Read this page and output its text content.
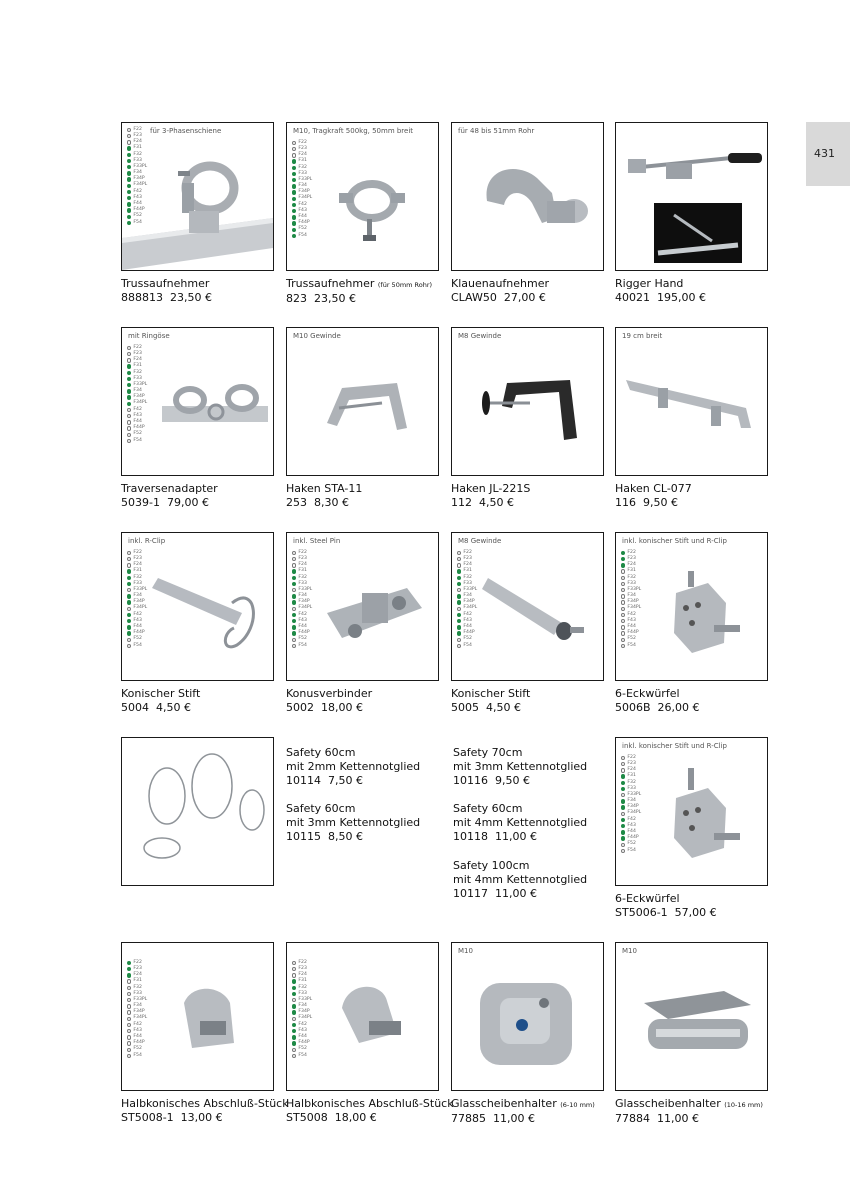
431
für 3-Phasenschiene
F22
F23
F24
F31
F32
F33
F33PL
F34
F34P
F34PL
F42
F43
F44
F44P
F52
F54
Trussaufnehmer
888813 23,50 €
M10, Tragkraft 500kg, 50mm breit
F22
F23
F24
F31
F32
F33
F33PL
F34
F34P
F34PL
F42
F43
F44
F44P
F52
F54
Trussaufnehmer (für 50mm Rohr)
823 23,50 €
für 48 bis 51mm Rohr
Klauenaufnehmer
CLAW50 27,00 €
Rigger Hand
40021 195,00 €
mit Ringöse
F22
F23
F24
F31
F32
F33
F33PL
F34
F34P
F34PL
F42
F43
F44
F44P
F52
F54
Traversenadapter
5039-1 79,00 €
M10 Gewinde
Haken STA-11
253 8,30 €
M8 Gewinde
Haken JL-221S
112 4,50 €
19 cm breit
Haken CL-077
116 9,50 €
inkl. R-Clip
F22
F23
F24
F31
F32
F33
F33PL
F34
F34P
F34PL
F42
F43
F44
F44P
F52
F54
Konischer Stift
5004 4,50 €
inkl. Steel Pin
F22
F23
F24
F31
F32
F33
F33PL
F34
F34P
F34PL
F42
F43
F44
F44P
F52
F54
Konusverbinder
5002 18,00 €
M8 Gewinde
F22
F23
F24
F31
F32
F33
F33PL
F34
F34P
F34PL
F42
F43
F44
F44P
F52
F54
Konischer Stift
5005 4,50 €
inkl. konischer Stift und R-Clip
F22
F23
F24
F31
F32
F33
F33PL
F34
F34P
F34PL
F42
F43
F44
F44P
F52
F54
6-Eckwürfel
5006B 26,00 €
Safety 60cm
mit 2mm Kettennotglied
10114 7,50 €
Safety 60cm
mit 3mm Kettennotglied
10115 8,50 €
Safety 70cm
mit 3mm Kettennotglied
10116 9,50 €
Safety 60cm
mit 4mm Kettennotglied
10118 11,00 €
Safety 100cm
mit 4mm Kettennotglied
10117 11,00 €
inkl. konischer Stift und R-Clip
F22
F23
F24
F31
F32
F33
F33PL
F34
F34P
F34PL
F42
F43
F44
F44P
F52
F54
6-Eckwürfel
ST5006-1 57,00 €
F22
F23
F24
F31
F32
F33
F33PL
F34
F34P
F34PL
F42
F43
F44
F44P
F52
F54
Halbkonisches Abschluß-Stück
ST5008-1 13,00 €
F22
F23
F24
F31
F32
F33
F33PL
F34
F34P
F34PL
F42
F43
F44
F44P
F52
F54
Halbkonisches Abschluß-Stück
ST5008 18,00 €
M10
Glasscheibenhalter (6-10 mm)
77885 11,00 €
M10
Glasscheibenhalter (10-16 mm)
77884 11,00 €
